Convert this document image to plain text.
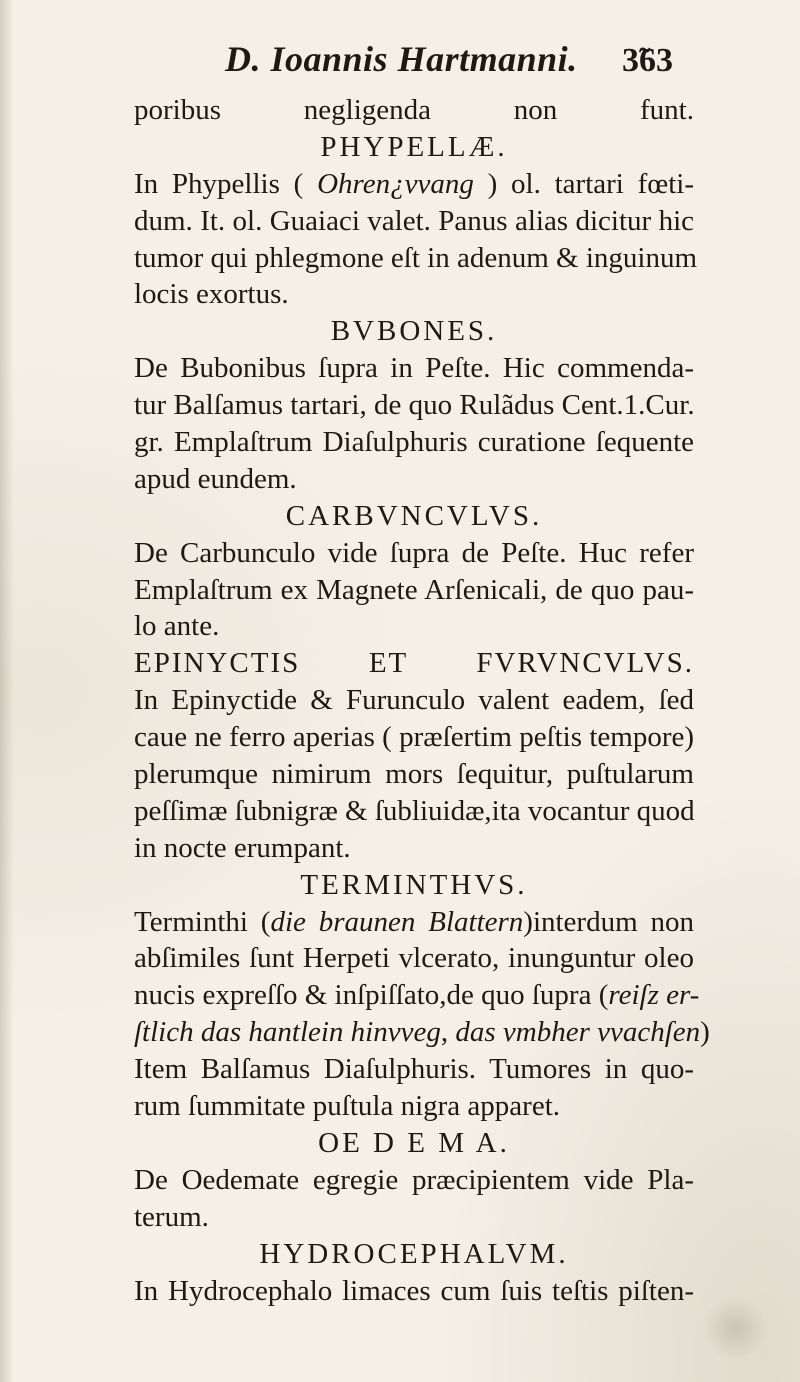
D. Ioannis Hartmanni. 3̃63
poribus negligenda non funt.
PHYPELLÆ.
In Phypellis ( Ohren¿vvang ) ol. tartari fœti-
dum. It. ol. Guaiaci valet. Panus alias dicitur hic
tumor qui phlegmone eſt in adenum & inguinum
locis exortus.
BVBONES.
De Bubonibus ſupra in Peſte. Hic commenda-
tur Balſamus tartari, de quo Rulãdus Cent.1.Cur.
gr. Emplaſtrum Diaſulphuris curatione ſequente
apud eundem.
CARBVNCVLVS.
De Carbunculo vide ſupra de Peſte. Huc refer
Emplaſtrum ex Magnete Arſenicali, de quo pau-
lo ante.
EPINYCTIS ET FVRVNCVLVS.
In Epinyctide & Furunculo valent eadem, ſed
caue ne ferro aperias ( præſertim peſtis tempore)
plerumque nimirum mors ſequitur, puſtularum
peſſimæ ſubnigræ & ſubliuidæ,ita vocantur quod
in nocte erumpant.
TERMINTHVS.
Terminthi (die braunen Blattern)interdum non
abſimiles ſunt Herpeti vlcerato, inunguntur oleo
nucis expreſſo & inſpiſſato,de quo ſupra (reiſz er-
ſtlich das hantlein hinvveg, das vmbher vvachſen)
Item Balſamus Diaſulphuris. Tumores in quo-
rum ſummitate puſtula nigra apparet.
OE D E M A.
De Oedemate egregie præcipientem vide Pla-
terum.
HYDROCEPHALVM.
In Hydrocephalo limaces cum ſuis teſtis piſten-
